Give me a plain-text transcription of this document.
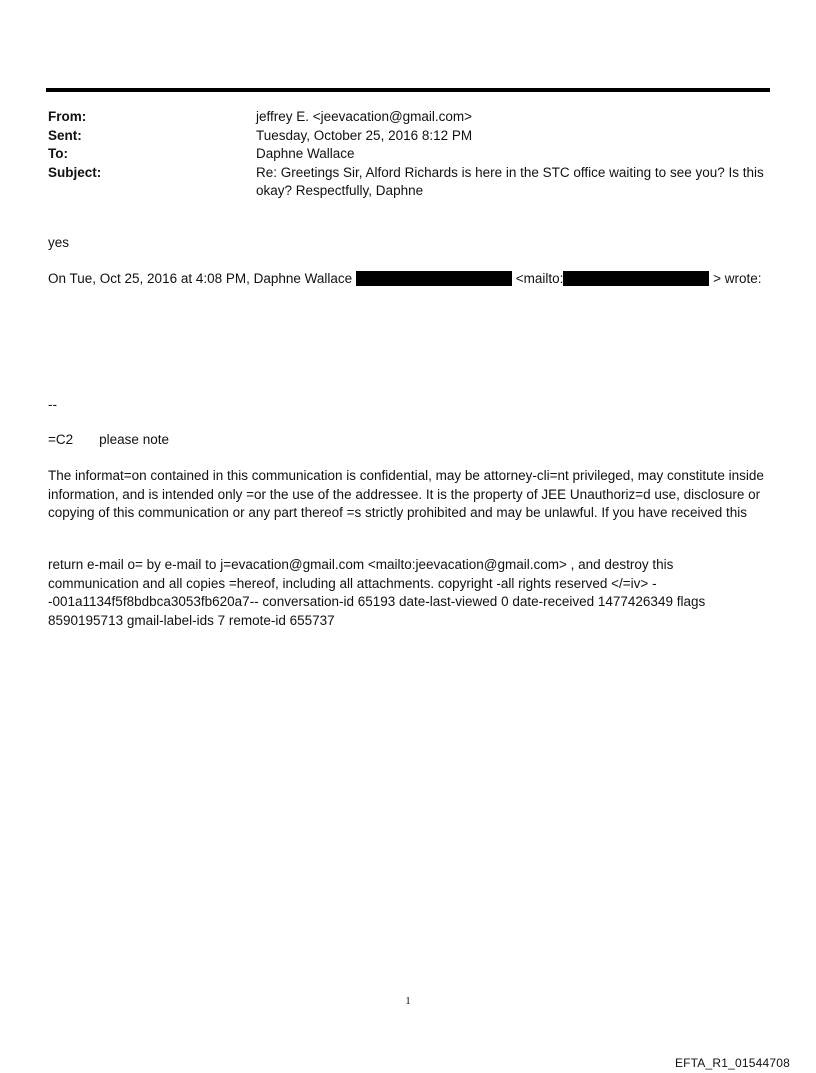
From:	jeffrey E. <jeevacation@gmail.com>
Sent:	Tuesday, October 25, 2016 8:12 PM
To:	Daphne Wallace
Subject:	Re: Greetings Sir, Alford Richards is here in the STC office waiting to see you? Is this okay? Respectfully, Daphne
yes
On Tue, Oct 25, 2016 at 4:08 PM, Daphne Wallace	<mailto:	> wrote:
--
=C2 please note
The informat=on contained in this communication is confidential, may be attorney-cli=nt privileged, may constitute inside information, and is intended only =or the use of the addressee. It is the property of JEE Unauthoriz=d use, disclosure or copying of this communication or any part thereof =s strictly prohibited and may be unlawful. If you have received this
return e-mail o= by e-mail to j=evacation@gmail.com <mailto:jeevacation@gmail.com> , and destroy this communication and all copies =hereof, including all attachments. copyright -all rights reserved </=iv> --001a1134f5f8bdbca3053fb620a7-- conversation-id 65193 date-last-viewed 0 date-received 1477426349 flags 8590195713 gmail-label-ids 7 remote-id 655737
1
EFTA_R1_01544708
